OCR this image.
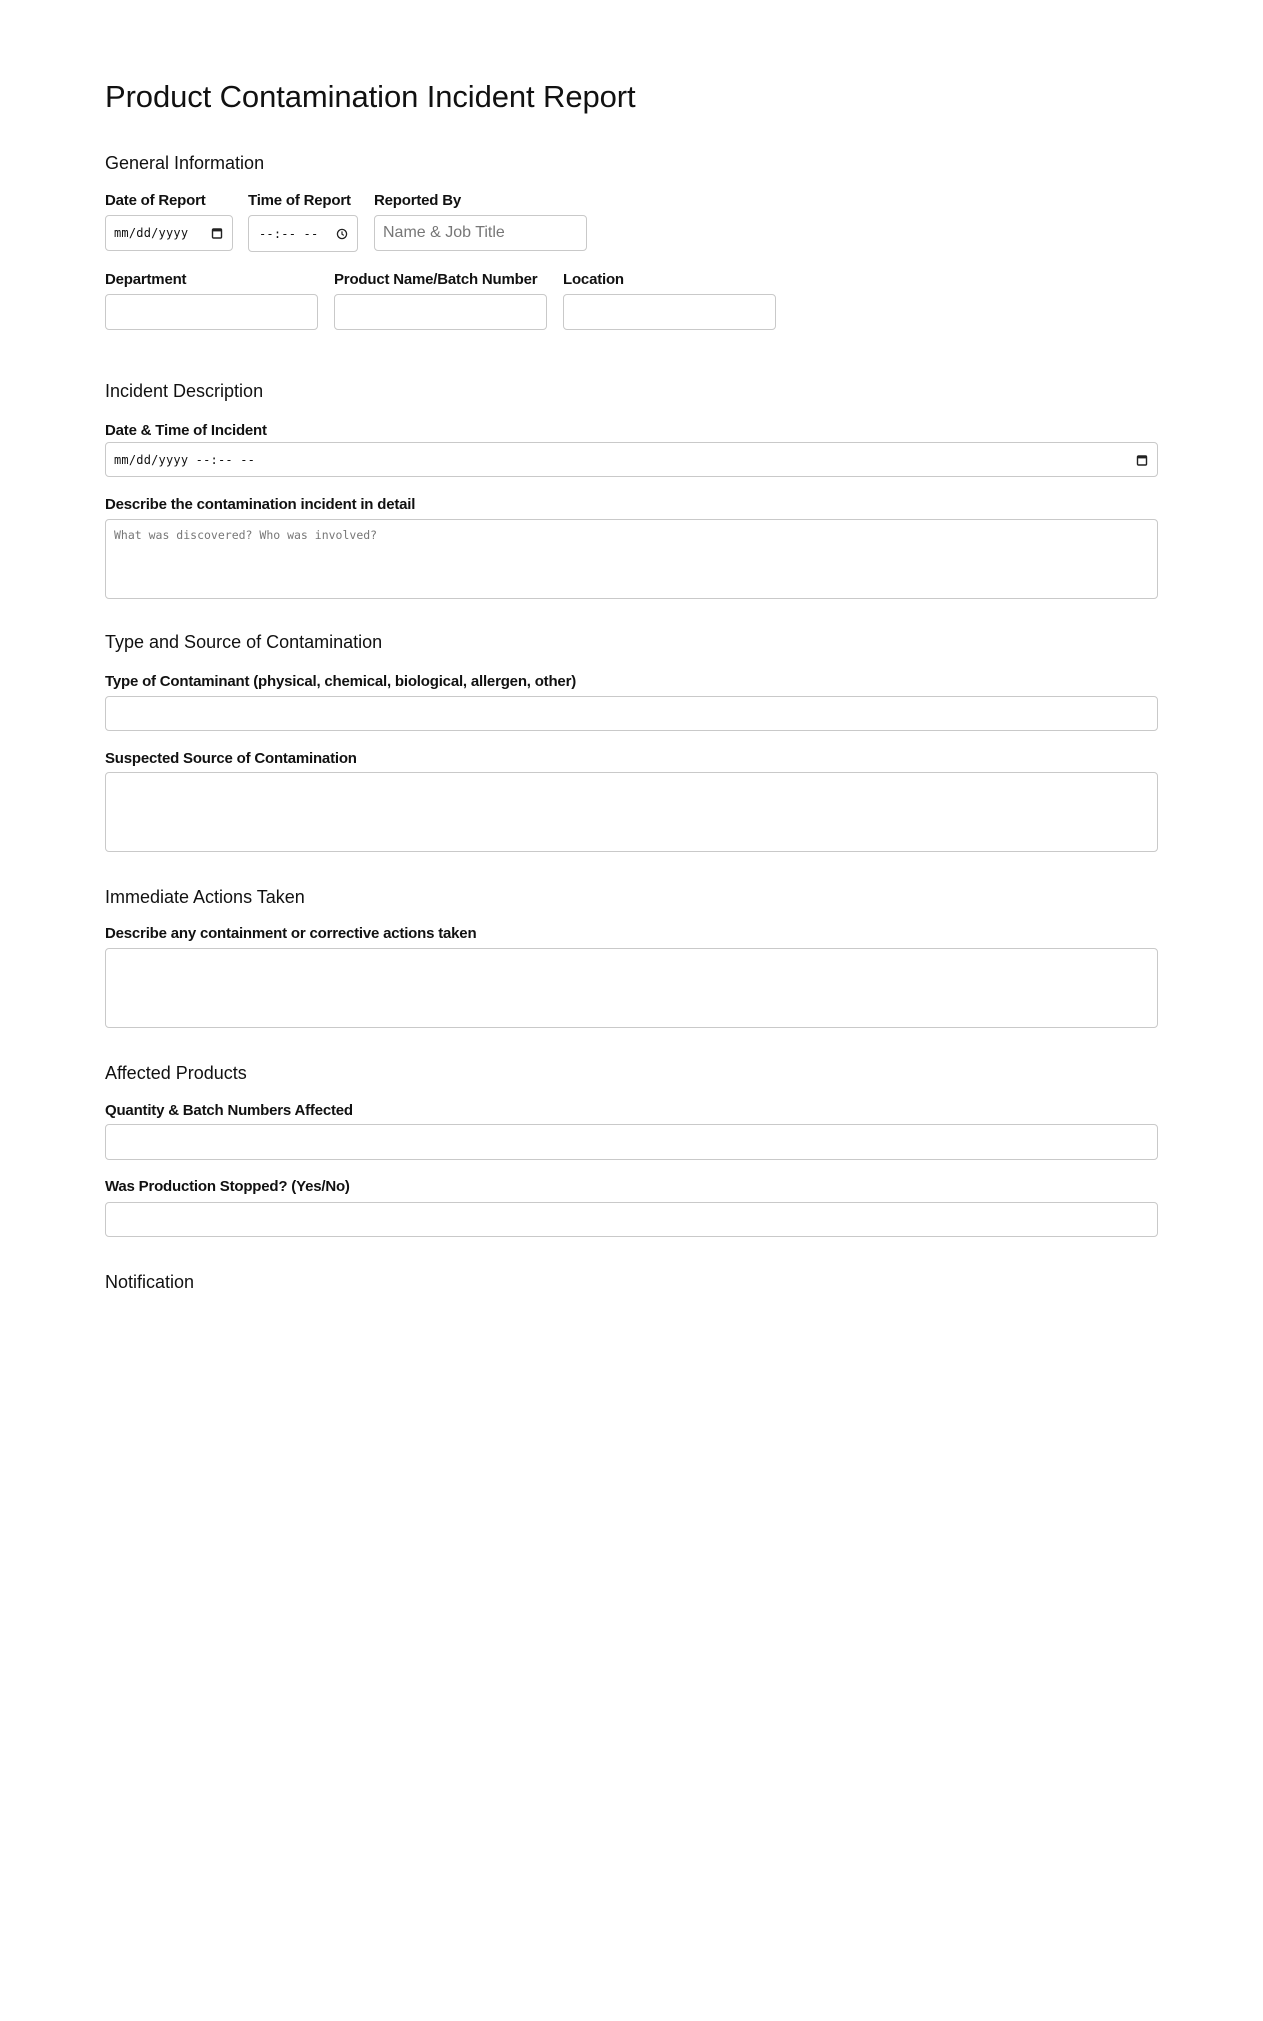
Product Contamination Incident Report
General Information
Date of Report
mm/dd/yyyy
Time of Report
--:-- --
Reported By
Name & Job Title
Department	Product Name/Batch Number Location
Incident Description
Date & Time of Incident
mm/dd/yyyy --:-- --
Describe the contamination incident in detail
What was discovered? Who was involved?
Type and Source of Contamination
Type of Contaminant (physical, chemical, biological, allergen, other)
Suspected Source of Contamination
Immediate Actions Taken
Describe any containment or corrective actions taken
Affected Products
Quantity & Batch Numbers Affected
Was Production Stopped? (Yes/No)
Notification
